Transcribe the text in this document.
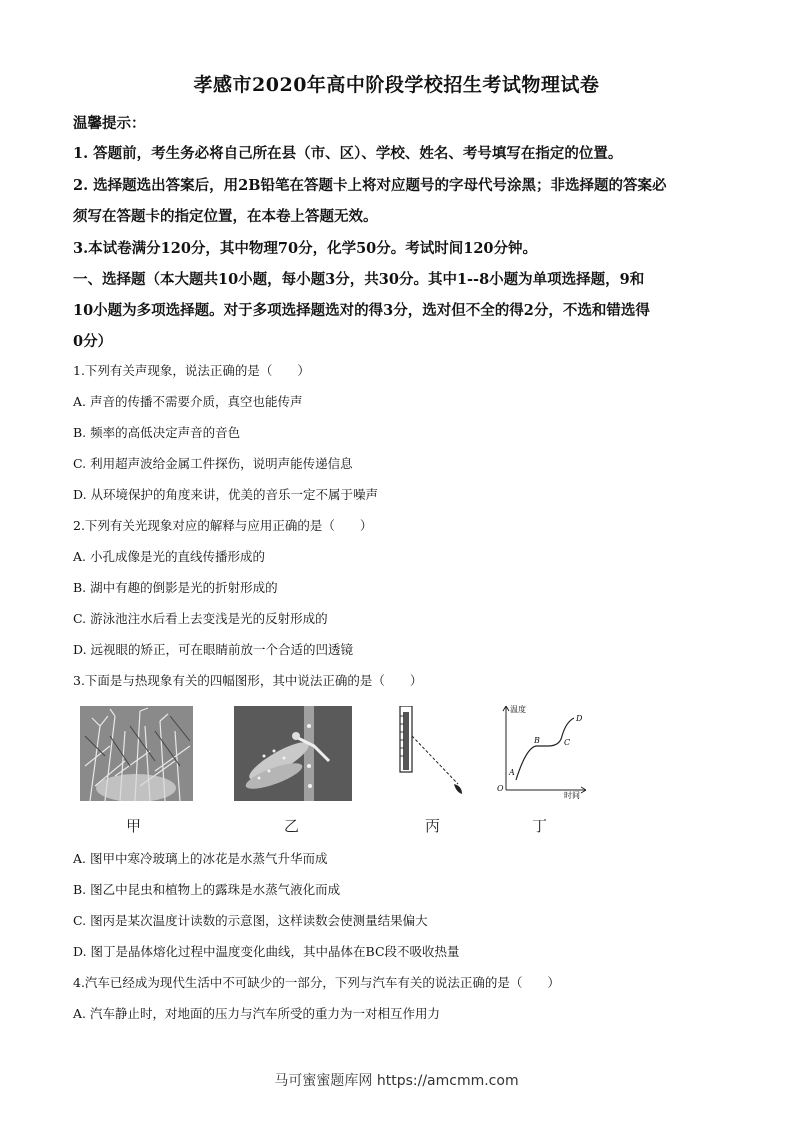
孝感市2020年高中阶段学校招生考试物理试卷
温馨提示：
1. 答题前，考生务必将自己所在县（市、区）、学校、姓名、考号填写在指定的位置。
2. 选择题选出答案后，用2B铅笔在答题卡上将对应题号的字母代号涂黑；非选择题的答案必
须写在答题卡的指定位置，在本卷上答题无效。
3.本试卷满分120分，其中物理70分，化学50分。考试时间120分钟。
一、选择题（本大题共10小题，每小题3分，共30分。其中1--8小题为单项选择题，9和
10小题为多项选择题。对于多项选择题选对的得3分，选对但不全的得2分，不选和错选得
0分）
1.下列有关声现象，说法正确的是（　　）
A. 声音的传播不需要介质，真空也能传声
B. 频率的高低决定声音的音色
C. 利用超声波给金属工件探伤，说明声能传递信息
D. 从环境保护的角度来讲，优美的音乐一定不属于噪声
2.下列有关光现象对应的解释与应用正确的是（　　）
A. 小孔成像是光的直线传播形成的
B. 湖中有趣的倒影是光的折射形成的
C. 游泳池注水后看上去变浅是光的反射形成的
D. 远视眼的矫正，可在眼睛前放一个合适的凹透镜
3.下面是与热现象有关的四幅图形，其中说法正确的是（　　）
甲	乙	丙
温度
时间
O
A
B	C
D
丁
A. 图甲中寒冷玻璃上的冰花是水蒸气升华而成
B. 图乙中昆虫和植物上的露珠是水蒸气液化而成
C. 图丙是某次温度计读数的示意图，这样读数会使测量结果偏大
D. 图丁是晶体熔化过程中温度变化曲线，其中晶体在BC段不吸收热量
4.汽车已经成为现代生活中不可缺少的一部分，下列与汽车有关的说法正确的是（　　）
A. 汽车静止时，对地面的压力与汽车所受的重力为一对相互作用力
马可蜜蜜题库网 https://amcmm.com
